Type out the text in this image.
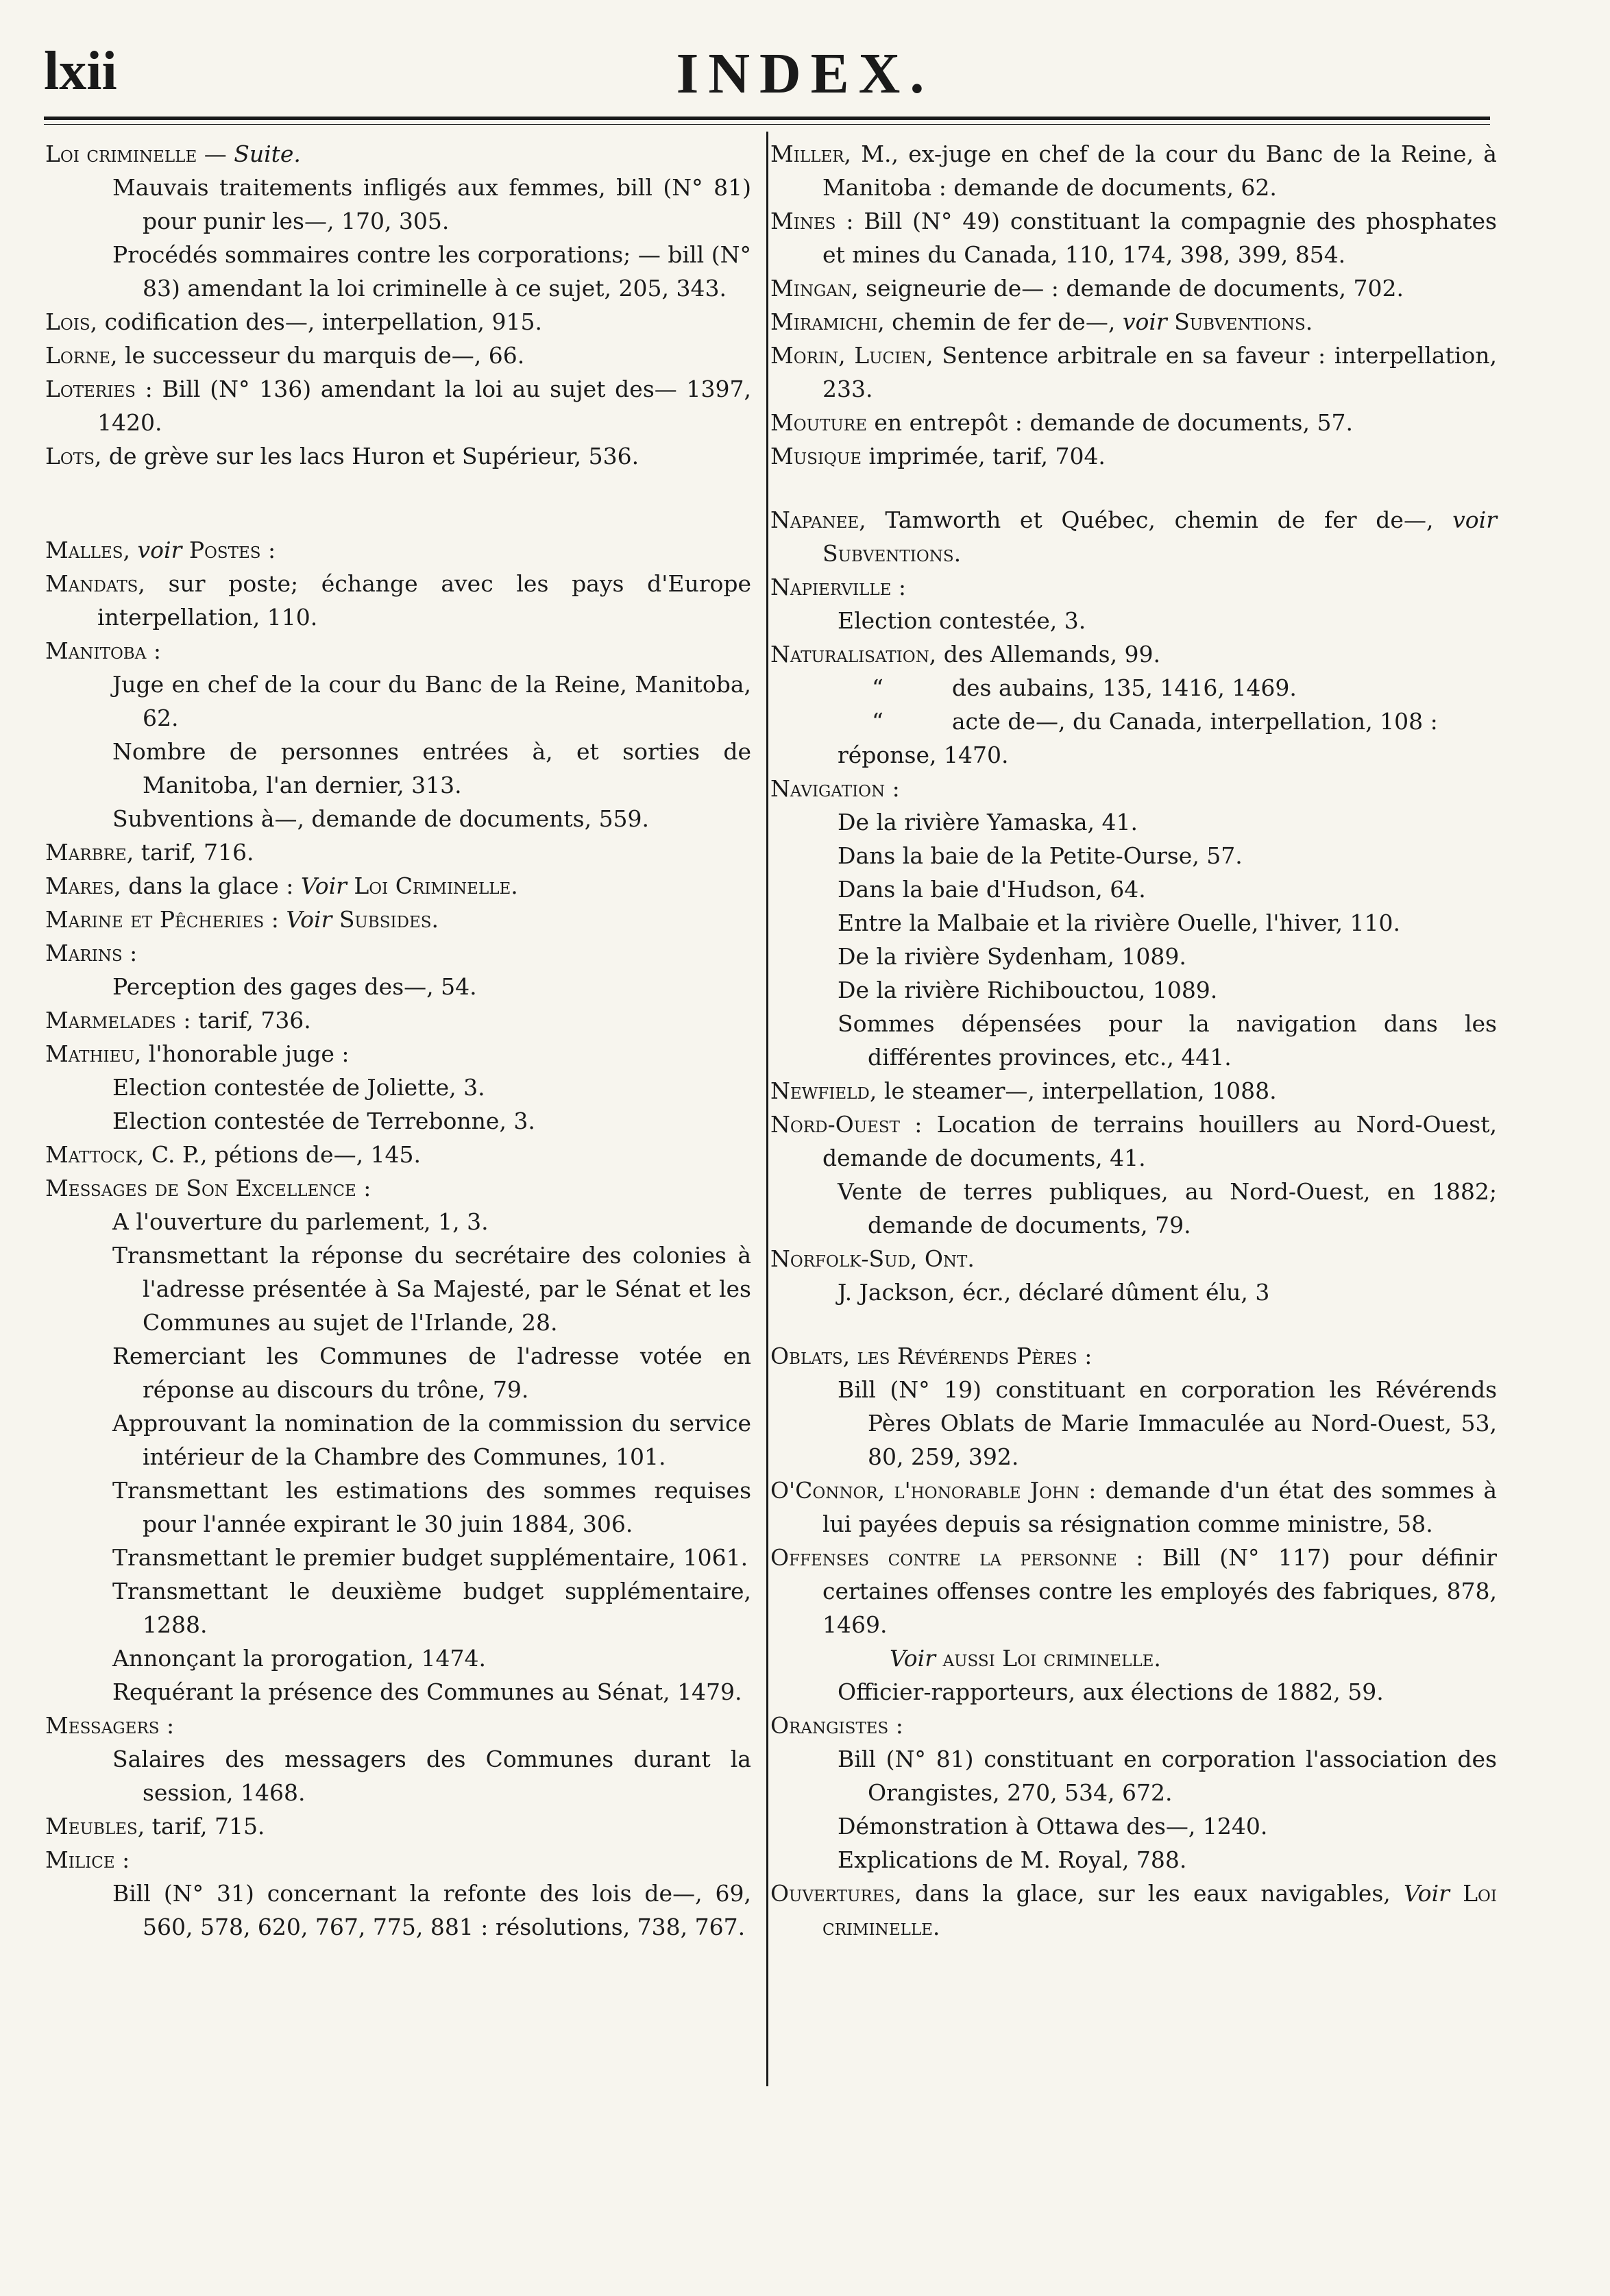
lxii	INDEX.
Loi criminelle — Suite.
Mauvais traitements infligés aux femmes, bill (N° 81) pour punir les—, 170, 305.
Procédés sommaires contre les corporations; — bill (N° 83) amendant la loi criminelle à ce sujet, 205, 343.
Lois, codification des—, interpellation, 915.
Lorne, le successeur du marquis de—, 66.
Loteries : Bill (N° 136) amendant la loi au sujet des— 1397, 1420.
Lots, de grève sur les lacs Huron et Supérieur, 536.
Malles, voir Postes :
Mandats, sur poste; échange avec les pays d'Europe interpellation, 110.
Manitoba :
Juge en chef de la cour du Banc de la Reine, Manitoba, 62.
Nombre de personnes entrées à, et sorties de Manitoba, l'an dernier, 313.
Subventions à—, demande de documents, 559.
Marbre, tarif, 716.
Mares, dans la glace : Voir Loi Criminelle.
Marine et Pêcheries : Voir Subsides.
Marins :
Perception des gages des—, 54.
Marmelades : tarif, 736.
Mathieu, l'honorable juge :
Election contestée de Joliette, 3.
Election contestée de Terrebonne, 3.
Mattock, C. P., pétions de—, 145.
Messages de Son Excellence :
A l'ouverture du parlement, 1, 3.
Transmettant la réponse du secrétaire des colonies à l'adresse présentée à Sa Majesté, par le Sénat et les Communes au sujet de l'Irlande, 28.
Remerciant les Communes de l'adresse votée en réponse au discours du trône, 79.
Approuvant la nomination de la commission du service intérieur de la Chambre des Communes, 101.
Transmettant les estimations des sommes requises pour l'année expirant le 30 juin 1884, 306.
Transmettant le premier budget supplémentaire, 1061.
Transmettant le deuxième budget supplémentaire, 1288.
Annonçant la prorogation, 1474.
Requérant la présence des Communes au Sénat, 1479.
Messagers :
Salaires des messagers des Communes durant la session, 1468.
Meubles, tarif, 715.
Milice :
Bill (N° 31) concernant la refonte des lois de—, 69, 560, 578, 620, 767, 775, 881 : résolutions, 738, 767.
Miller, M., ex-juge en chef de la cour du Banc de la Reine, à Manitoba : demande de documents, 62.
Mines : Bill (N° 49) constituant la compagnie des phosphates et mines du Canada, 110, 174, 398, 399, 854.
Mingan, seigneurie de— : demande de documents, 702.
Miramichi, chemin de fer de—, voir Subventions.
Morin, Lucien, Sentence arbitrale en sa faveur : interpellation, 233.
Mouture en entrepôt : demande de documents, 57.
Musique imprimée, tarif, 704.
Napanee, Tamworth et Québec, chemin de fer de—, voir Subventions.
Napierville :
Election contestée, 3.
Naturalisation, des Allemands, 99.
“	des aubains, 135, 1416, 1469.
“	acte de—, du Canada, interpellation, 108 :
réponse, 1470.
Navigation :
De la rivière Yamaska, 41.
Dans la baie de la Petite-Ourse, 57.
Dans la baie d'Hudson, 64.
Entre la Malbaie et la rivière Ouelle, l'hiver, 110.
De la rivière Sydenham, 1089.
De la rivière Richibouctou, 1089.
Sommes dépensées pour la navigation dans les différentes provinces, etc., 441.
Newfield, le steamer—, interpellation, 1088.
Nord-Ouest : Location de terrains houillers au Nord-Ouest, demande de documents, 41.
Vente de terres publiques, au Nord-Ouest, en 1882; demande de documents, 79.
Norfolk-Sud, Ont.
J. Jackson, écr., déclaré dûment élu, 3
Oblats, les Révérends Pères :
Bill (N° 19) constituant en corporation les Révérends Pères Oblats de Marie Immaculée au Nord-Ouest, 53, 80, 259, 392.
O'Connor, l'honorable John : demande d'un état des sommes à lui payées depuis sa résignation comme ministre, 58.
Offenses contre la personne : Bill (N° 117) pour définir certaines offenses contre les employés des fabriques, 878, 1469.
Voir aussi Loi criminelle.
Officier-rapporteurs, aux élections de 1882, 59.
Orangistes :
Bill (N° 81) constituant en corporation l'association des Orangistes, 270, 534, 672.
Démonstration à Ottawa des—, 1240.
Explications de M. Royal, 788.
Ouvertures, dans la glace, sur les eaux navigables, Voir Loi criminelle.
